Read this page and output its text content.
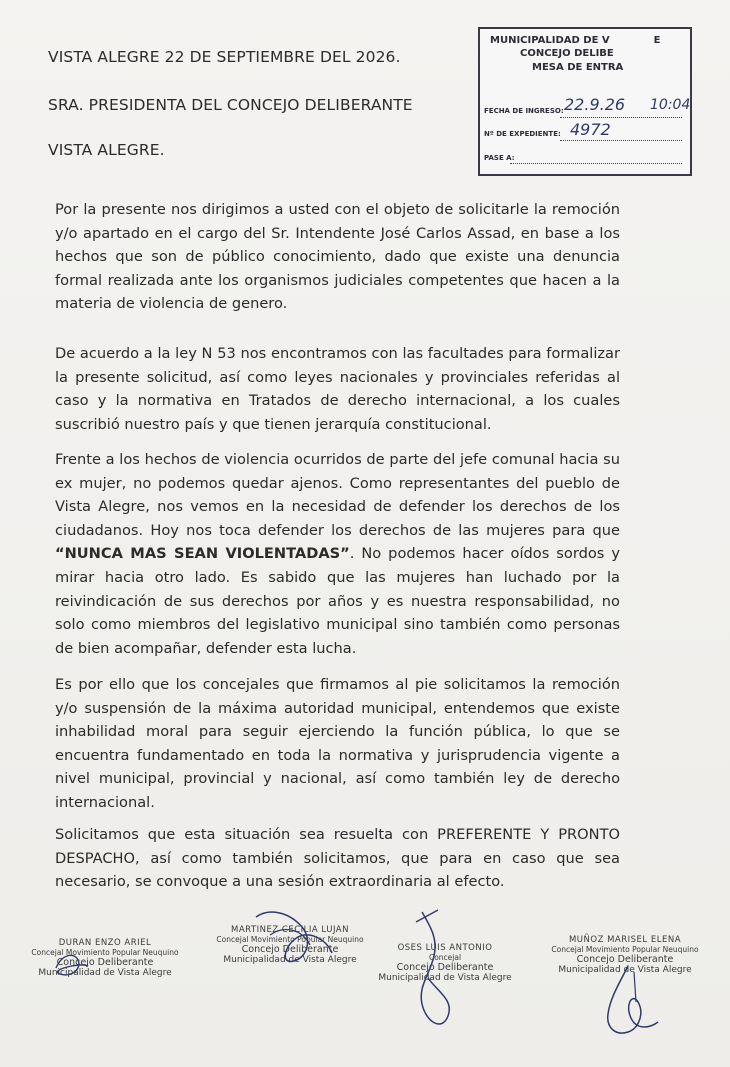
VISTA ALEGRE 22 DE SEPTIEMBRE DEL 2026.
SRA. PRESIDENTA DEL CONCEJO DELIBERANTE
VISTA ALEGRE.
MUNICIPALIDAD DE V	E
CONCEJO DELIBE
MESA DE ENTRA
FECHA DE INGRESO: 22.9.26 10:04
Nº DE EXPEDIENTE: 4972
PASE A:
Por la presente nos dirigimos a usted con el objeto de solicitarle la remoción y/o apartado en el cargo del Sr. Intendente José Carlos Assad, en base a los hechos que son de público conocimiento, dado que existe una denuncia formal realizada ante los organismos judiciales competentes que hacen a la materia de violencia de genero.
De acuerdo a la ley N 53 nos encontramos con las facultades para formalizar la presente solicitud, así como leyes nacionales y provinciales referidas al caso y la normativa en Tratados de derecho internacional, a los cuales suscribió nuestro país y que tienen jerarquía constitucional.
Frente a los hechos de violencia ocurridos de parte del jefe comunal hacia su ex mujer, no podemos quedar ajenos. Como representantes del pueblo de Vista Alegre, nos vemos en la necesidad de defender los derechos de los ciudadanos. Hoy nos toca defender los derechos de las mujeres para que “NUNCA MAS SEAN VIOLENTADAS”. No podemos hacer oídos sordos y mirar hacia otro lado. Es sabido que las mujeres han luchado por la reivindicación de sus derechos por años y es nuestra responsabilidad, no solo como miembros del legislativo municipal sino también como personas de bien acompañar, defender esta lucha.
Es por ello que los concejales que firmamos al pie solicitamos la remoción y/o suspensión de la máxima autoridad municipal, entendemos que existe inhabilidad moral para seguir ejerciendo la función pública, lo que se encuentra fundamentado en toda la normativa y jurisprudencia vigente a nivel municipal, provincial y nacional, así como también ley de derecho internacional.
Solicitamos que esta situación sea resuelta con PREFERENTE Y PRONTO DESPACHO, así como también solicitamos, que para en caso que sea necesario, se convoque a una sesión extraordinaria al efecto.
DURAN ENZO ARIEL
Concejal Movimiento Popular Neuquino
Concejo Deliberante
Municipalidad de Vista Alegre
MARTINEZ CECILIA LUJAN
Concejal Movimiento Popular Neuquino
Concejo Deliberante
Municipalidad de Vista Alegre
OSES LUIS ANTONIO
Concejal
Concejo Deliberante
Municipalidad de Vista Alegre
MUÑOZ MARISEL ELENA
Concejal Movimiento Popular Neuquino
Concejo Deliberante
Municipalidad de Vista Alegre
